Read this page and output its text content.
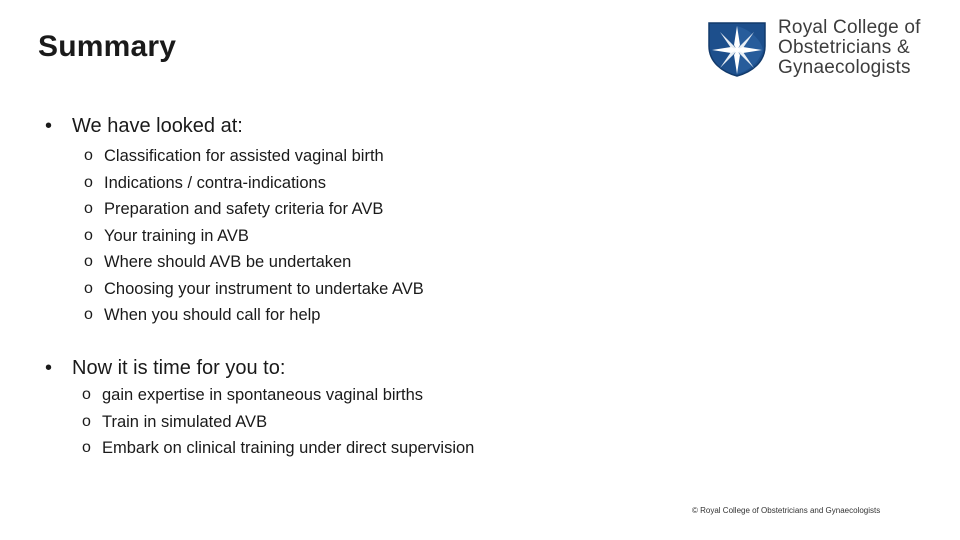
Summary
Royal College of
Obstetricians &
Gynaecologists
• We have looked at:
o Classification for assisted vaginal birth
o Indications / contra-indications
o Preparation and safety criteria for AVB
o Your training in AVB
o Where should AVB be undertaken
o Choosing your instrument to undertake AVB
o When you should call for help
• Now it is time for you to:
o gain expertise in spontaneous vaginal births
o Train in simulated AVB
o Embark on clinical training under direct supervision
© Royal College of Obstetricians and Gynaecologists
